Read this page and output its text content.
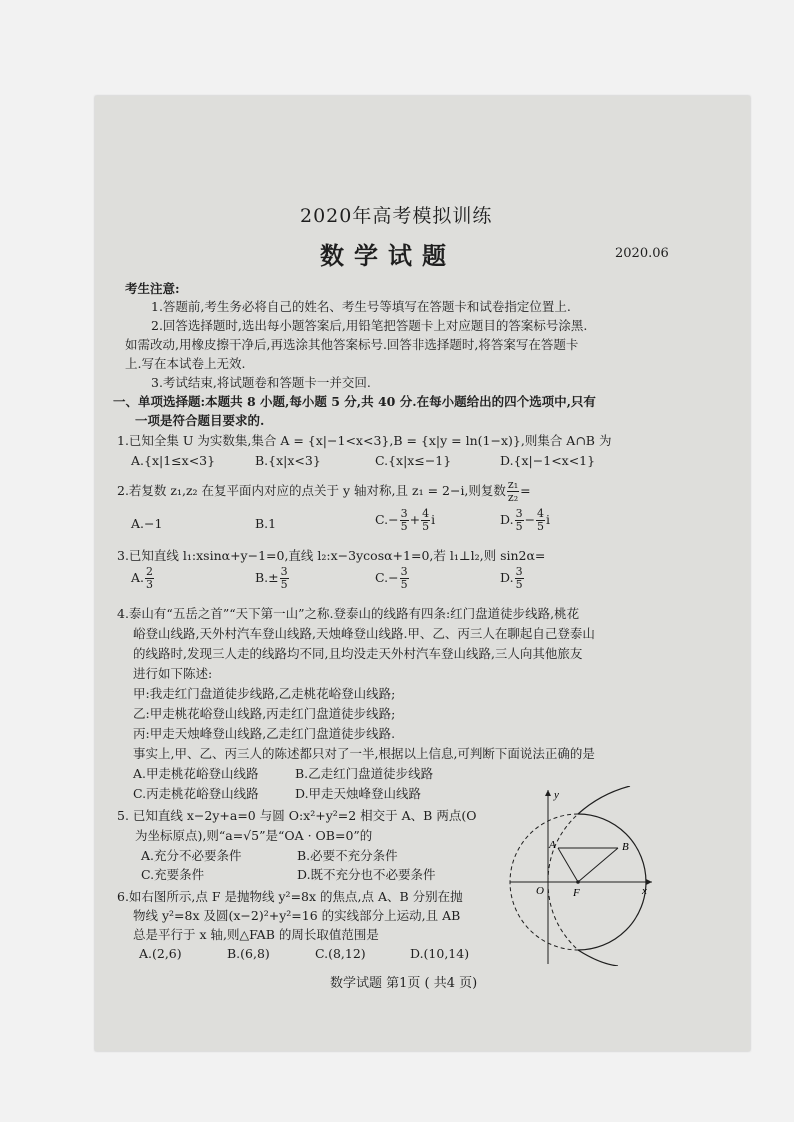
2020年高考模拟训练
数学试题	2020.06
考生注意:
1.答题前,考生务必将自己的姓名、考生号等填写在答题卡和试卷指定位置上.
2.回答选择题时,选出每小题答案后,用铅笔把答题卡上对应题目的答案标号涂黑.
如需改动,用橡皮擦干净后,再选涂其他答案标号.回答非选择题时,将答案写在答题卡
上.写在本试卷上无效.
3.考试结束,将试题卷和答题卡一并交回.
一、单项选择题:本题共 8 小题,每小题 5 分,共 40 分.在每小题给出的四个选项中,只有
一项是符合题目要求的.
1.已知全集 U 为实数集,集合 A = {x|−1<x<3},B = {x|y = ln(1−x)},则集合 A∩B 为
A.{x|1≤x<3}	B.{x|x<3}	C.{x|x≤−1}	D.{x|−1<x<1}
2.若复数 z₁,z₂ 在复平面内对应的点关于 y 轴对称,且 z₁ = 2−i,则复数 $\frac{\text{z₁}}{\text{z₂}}$ =
A.−1	B.1	$C.- \frac{3}{5} + \frac{4}{5}$ i	D. $\frac{3}{5} - \frac{4}{5}$ i
3.已知直线 l₁:xsinα+y−1=0,直线 l₂:x−3ycosα+1=0,若 l₁⊥l₂,则 sin2α=
A. $\frac{2}{3}$	$B.\pm \frac{3}{5}$	$C.- \frac{3}{5}$	D. $\frac{3}{5}$
4.泰山有“五岳之首”“天下第一山”之称.登泰山的线路有四条:红门盘道徒步线路,桃花
峪登山线路,天外村汽车登山线路,天烛峰登山线路.甲、乙、丙三人在聊起自己登泰山
的线路时,发现三人走的线路均不同,且均没走天外村汽车登山线路,三人向其他旅友
进行如下陈述:
甲:我走红门盘道徒步线路,乙走桃花峪登山线路;
乙:甲走桃花峪登山线路,丙走红门盘道徒步线路;
丙:甲走天烛峰登山线路,乙走红门盘道徒步线路.
事实上,甲、乙、丙三人的陈述都只对了一半,根据以上信息,可判断下面说法正确的是
A.甲走桃花峪登山线路	B.乙走红门盘道徒步线路
C.丙走桃花峪登山线路	D.甲走天烛峰登山线路
5. 已知直线 x−2y+a=0 与圆 O:x²+y²=2 相交于 A、B 两点(O
为坐标原点),则“a=√5”是“OA · OB=0”的
A.充分不必要条件	B.必要不充分条件
C.充要条件	D.既不充分也不必要条件
6.如右图所示,点 F 是抛物线 y²=8x 的焦点,点 A、B 分别在抛
物线 y²=8x 及圆(x−2)²+y²=16 的实线部分上运动,且 AB
总是平行于 x 轴,则△FAB 的周长取值范围是
A.(2,6)	B.(6,8)	C.(8,12)	D.(10,14)
y
x
O	F
A	B
数学试题 第1页 ( 共4 页)
